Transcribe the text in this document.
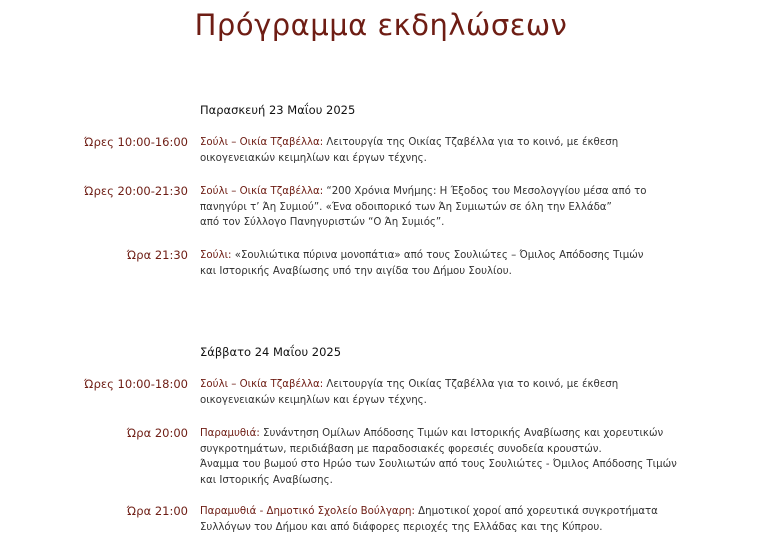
Πρόγραμμα εκδηλώσεων
Παρασκευή 23 Μαΐου 2025
Ώρες 10:00-16:00 Σούλι – Οικία Τζαβέλλα: Λειτουργία της Οικίας Τζαβέλλα για το κοινό, με έκθεση
οικογενειακών κειμηλίων και έργων τέχνης.
Ώρες 20:00-21:30 Σούλι – Οικία Τζαβέλλα: “200 Χρόνια Μνήμης: Η Έξοδος του Μεσολογγίου μέσα από το
πανηγύρι τ’ Άη Συμιού”. «Ένα οδοιπορικό των Άη Συμιωτών σε όλη την Ελλάδα”
από τον Σύλλογο Πανηγυριστών “Ο Άη Συμιός”.
Ώρα 21:30 Σούλι: «Σουλιώτικα πύρινα μονοπάτια» από τους Σουλιώτες – Όμιλος Απόδοσης Τιμών
και Ιστορικής Αναβίωσης υπό την αιγίδα του Δήμου Σουλίου.
Σάββατο 24 Μαΐου 2025
Ώρες 10:00-18:00 Σούλι – Οικία Τζαβέλλα: Λειτουργία της Οικίας Τζαβέλλα για το κοινό, με έκθεση
οικογενειακών κειμηλίων και έργων τέχνης.
Ώρα 20:00 Παραμυθιά: Συνάντηση Ομίλων Απόδοσης Τιμών και Ιστορικής Αναβίωσης και χορευτικών
συγκροτημάτων, περιδιάβαση με παραδοσιακές φορεσιές συνοδεία κρουστών.
Άναμμα του βωμού στο Ηρώο των Σουλιωτών από τους Σουλιώτες - Όμιλος Απόδοσης Τιμών
και Ιστορικής Αναβίωσης.
Ώρα 21:00 Παραμυθιά - Δημοτικό Σχολείο Βούλγαρη: Δημοτικοί χοροί από χορευτικά συγκροτήματα
Συλλόγων του Δήμου και από διάφορες περιοχές της Ελλάδας και της Κύπρου.
